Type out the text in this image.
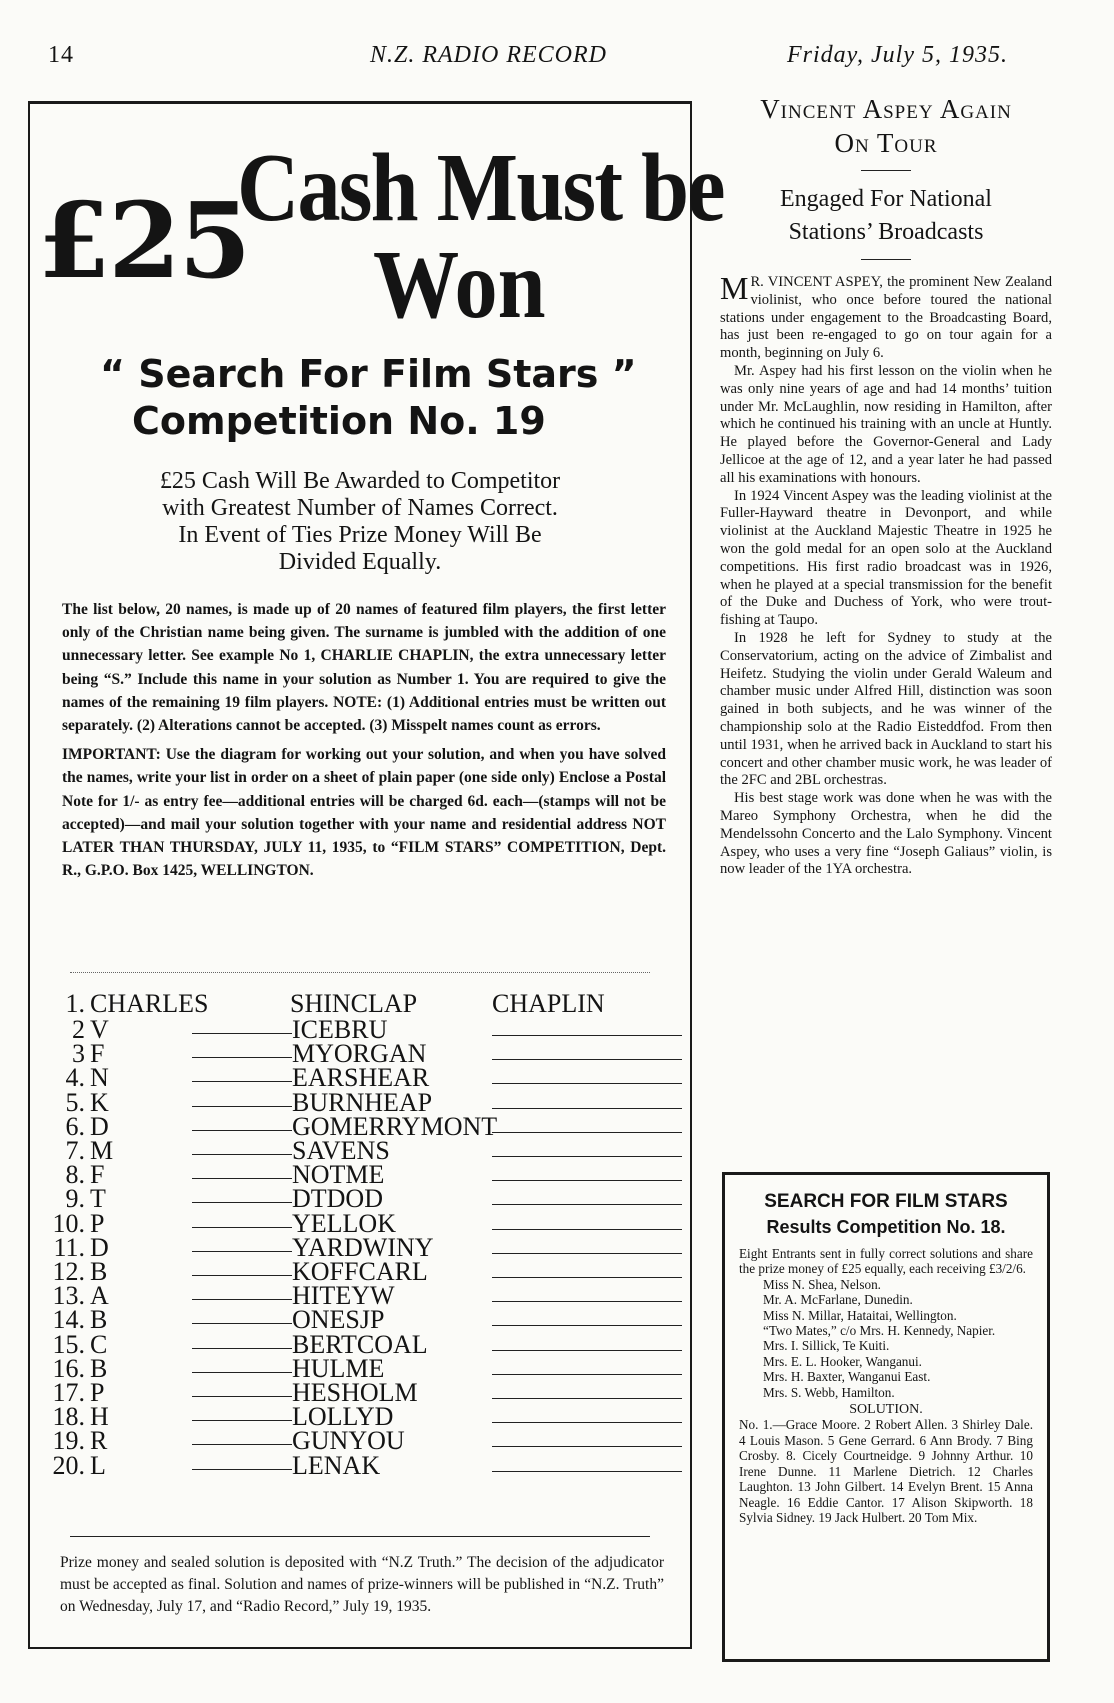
14	N.Z. RADIO RECORD	Friday, July 5, 1935.
£25
Cash Must be
Won
“ Search For Film Stars ”
Competition No. 19
£25 Cash Will Be Awarded to Competitor
with Greatest Number of Names Correct.
In Event of Ties Prize Money Will Be
Divided Equally.

The list below, 20 names, is made up of 20 names of featured film players, the first letter only of the Christian name being given. The surname is jumbled with the addition of one unnecessary letter. See example No 1, CHARLIE CHAPLIN, the extra unnecessary letter being “S.” Include this name in your solution as Number 1. You are required to give the names of the remaining 19 film players. NOTE: (1) Additional entries must be written out separately. (2) Alterations cannot be accepted. (3) Misspelt names count as errors.

IMPORTANT: Use the diagram for working out your solution, and when you have solved the names, write your list in order on a sheet of plain paper (one side only) Enclose a Postal Note for 1/- as entry fee—additional entries will be charged 6d. each—(stamps will not be accepted)—and mail your solution together with your name and residential address NOT LATER THAN THURSDAY, JULY 11, 1935, to “FILM STARS” COMPETITION, Dept. R., G.P.O. Box 1425, WELLINGTON.

1. CHARLES	SHINCLAP	CHAPLIN
2 V	ICEBRU
3 F	MYORGAN
4. N	EARSHEAR
5. K	BURNHEAP
6. D	GOMERRYMONT
7. M	SAVENS
8. F	NOTME
9. T	DTDOD
10. P	YELLOK
11. D	YARDWINY
12. B	KOFFCARL
13. A	HITEYW
14. B	ONESJP
15. C	BERTCOAL
16. B	HULME
17. P	HESHOLM
18. H	LOLLYD
19. R	GUNYOU
20. L	LENAK
Prize money and sealed solution is deposited with “N.Z Truth.” The decision of the adjudicator must be accepted as final. Solution and names of prize-winners will be published in “N.Z. Truth” on Wednesday, July 17, and “Radio Record,” July 19, 1935.
Vincent Aspey Again
On Tour
Engaged For National
Stations’ Broadcasts

M R. VINCENT ASPEY, the prominent New Zealand violinist, who once before toured the national stations under engagement to the Broadcasting Board, has just been re-engaged to go on tour again for a month, beginning on July 6.

Mr. Aspey had his first lesson on the violin when he was only nine years of age and had 14 months’ tuition under Mr. McLaughlin, now residing in Hamilton, after which he continued his training with an uncle at Huntly. He played before the Governor-General and Lady Jellicoe at the age of 12, and a year later he had passed all his examinations with honours.

In 1924 Vincent Aspey was the leading violinist at the Fuller-Hayward theatre in Devonport, and while violinist at the Auckland Majestic Theatre in 1925 he won the gold medal for an open solo at the Auckland competitions. His first radio broadcast was in 1926, when he played at a special transmission for the benefit of the Duke and Duchess of York, who were trout-fishing at Taupo.

In 1928 he left for Sydney to study at the Conservatorium, acting on the advice of Zimbalist and Heifetz. Studying the violin under Gerald Waleum and chamber music under Alfred Hill, distinction was soon gained in both subjects, and he was winner of the championship solo at the Radio Eisteddfod. From then until 1931, when he arrived back in Auckland to start his concert and other chamber music work, he was leader of the 2FC and 2BL orchestras.

His best stage work was done when he was with the Mareo Symphony Orchestra, when he did the Mendelssohn Concerto and the Lalo Symphony. Vincent Aspey, who uses a very fine “Joseph Galiaus” violin, is now leader of the 1YA orchestra.

SEARCH FOR FILM STARS
Results Competition No. 18.
Eight Entrants sent in fully correct solutions and share the prize money of £25 equally, each receiving £3/2/6.
Miss N. Shea, Nelson.
Mr. A. McFarlane, Dunedin.
Miss N. Millar, Hataitai, Wellington.
“Two Mates,” c/o Mrs. H. Kennedy, Napier.
Mrs. I. Sillick, Te Kuiti.
Mrs. E. L. Hooker, Wanganui.
Mrs. H. Baxter, Wanganui East.
Mrs. S. Webb, Hamilton.
SOLUTION.
No. 1.—Grace Moore. 2 Robert Allen. 3 Shirley Dale. 4 Louis Mason. 5 Gene Gerrard. 6 Ann Brody. 7 Bing Crosby. 8. Cicely Courtneidge. 9 Johnny Arthur. 10 Irene Dunne. 11 Marlene Dietrich. 12 Charles Laughton. 13 John Gilbert. 14 Evelyn Brent. 15 Anna Neagle. 16 Eddie Cantor. 17 Alison Skipworth. 18 Sylvia Sidney. 19 Jack Hulbert. 20 Tom Mix.
